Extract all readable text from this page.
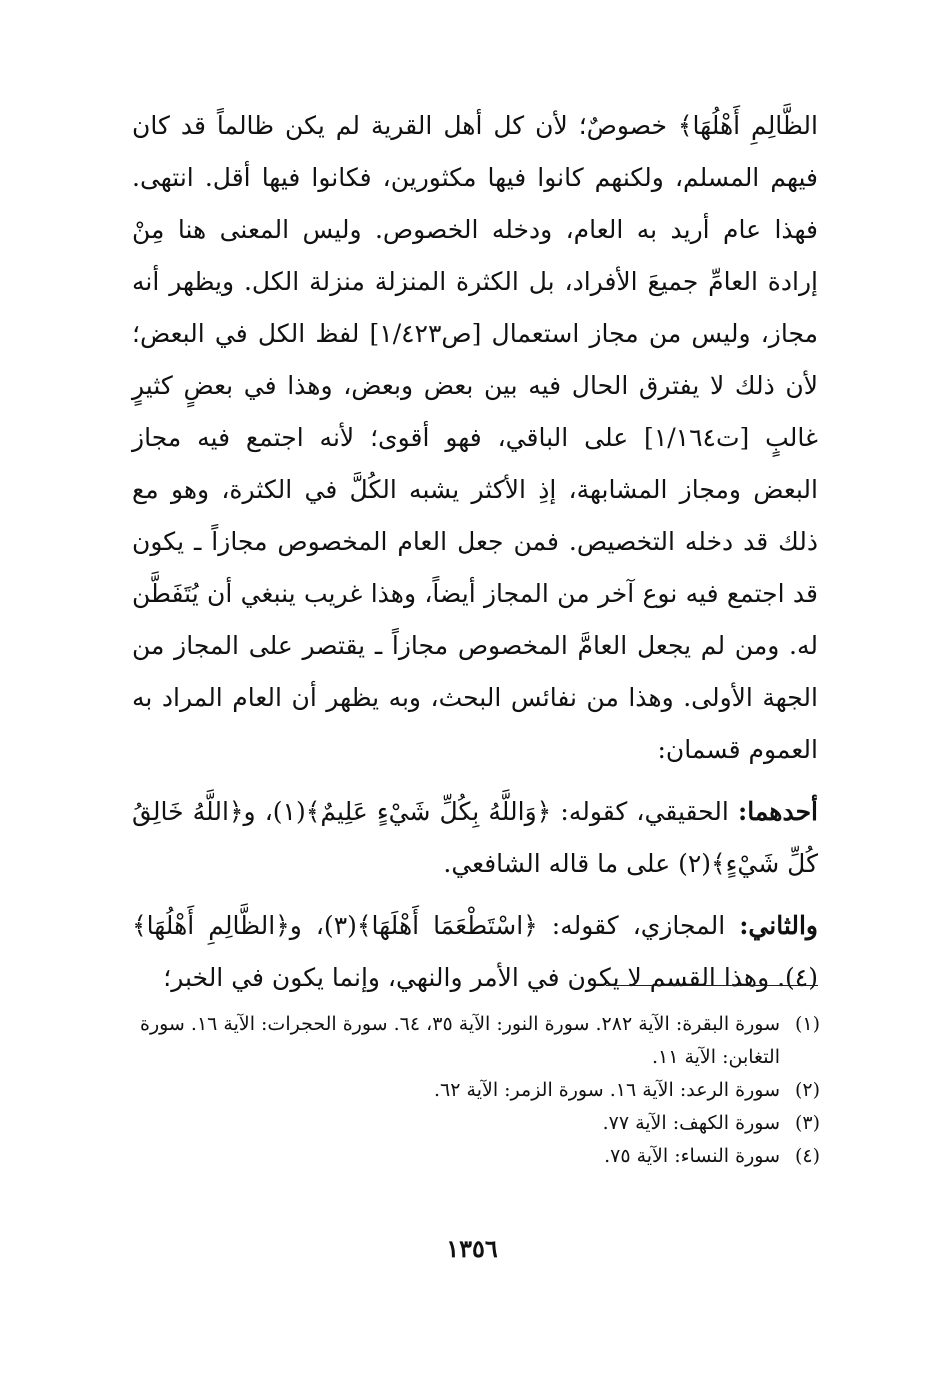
الظَّالِمِ أَهْلُهَا﴾ خصوصٌ؛ لأن كل أهل القرية لم يكن ظالماً قد كان فيهم المسلم، ولكنهم كانوا فيها مكثورين، فكانوا فيها أقل. انتهى. فهذا عام أريد به العام، ودخله الخصوص. وليس المعنى هنا مِنْ إرادة العامِّ جميعَ الأفراد، بل الكثرة المنزلة منزلة الكل. ويظهر أنه مجاز، وليس من مجاز استعمال [ص١/٤٢٣] لفظ الكل في البعض؛ لأن ذلك لا يفترق الحال فيه بين بعض وبعض، وهذا في بعضٍ كثيرٍ غالبٍ [ت١/١٦٤] على الباقي، فهو أقوى؛ لأنه اجتمع فيه مجاز البعض ومجاز المشابهة، إذِ الأكثر يشبه الكُلَّ في الكثرة، وهو مع ذلك قد دخله التخصيص. فمن جعل العام المخصوص مجازاً ـ يكون قد اجتمع فيه نوع آخر من المجاز أيضاً، وهذا غريب ينبغي أن يُتَفَطَّن له. ومن لم يجعل العامَّ المخصوص مجازاً ـ يقتصر على المجاز من الجهة الأولى. وهذا من نفائس البحث، وبه يظهر أن العام المراد به العموم قسمان:

أحدهما: الحقيقي، كقوله: ﴿وَاللَّهُ بِكُلِّ شَيْءٍ عَلِيمٌ﴾(١)، و﴿اللَّهُ خَالِقُ كُلِّ شَيْءٍ﴾(٢) على ما قاله الشافعي.

والثاني: المجازي، كقوله: ﴿اسْتَطْعَمَا أَهْلَهَا﴾(٣)، و﴿الظَّالِمِ أَهْلُهَا﴾(٤). وهذا القسم لا يكون في الأمر والنهي، وإنما يكون في الخبر؛

(١)
سورة البقرة: الآية ٢٨٢. سورة النور: الآية ٣٥، ٦٤. سورة الحجرات: الآية ١٦. سورة التغابن: الآية ١١.
(٢)
سورة الرعد: الآية ١٦. سورة الزمر: الآية ٦٢.
(٣)
سورة الكهف: الآية ٧٧.
(٤)
سورة النساء: الآية ٧٥.
١٣٥٦
